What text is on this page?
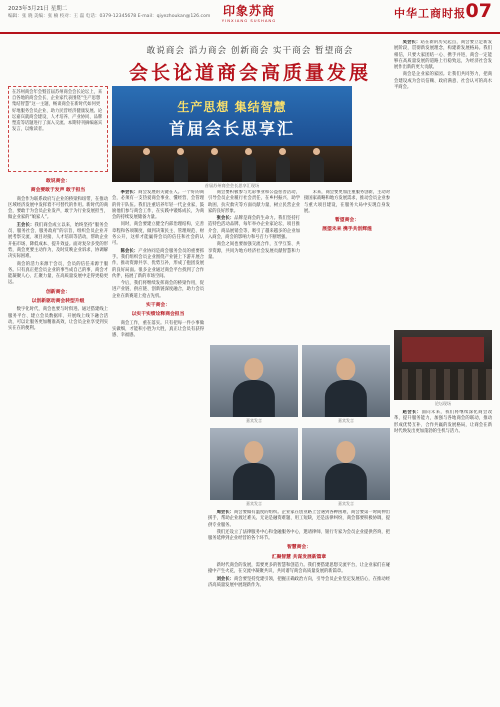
2023年3月21日 星期二
编辑：张 晓 美编：张 楠 校对：王 磊 电话：0379-12345678 E-mail：qiyezhoukan@126.com	印象苏商
YINXIANG SUSHANG
中华工商时报 07
敢说商会 滔力商会 创新商会 实干商会 暂望商会
会长论道商会高质量发展
在苏州商会年会暨首届苏州商会会长论坛上，来自各地的商会会长、企业家代表围绕“生产思想 集结智慧”这一主题，畅谈商会在新时代如何更好地服务会员企业、助力民营经济健康发展。论坛嘉宾就商会建设、人才培养、产业协同、品牌塑造等话题进行了深入交流。本期特刊摘编嘉宾发言，以飨读者。
生产思想 集结智慧
首届会长思享汇
首届苏州商会会长思享汇现场

敢说商会：

商会要敢于发声 敢于担当

商会作为联系政府与企业的桥梁和纽带，在推动区域经济发展中发挥着不可替代的作用。新时代的商会，要敢于为会员企业发声，敢于为行业发展担当，做企业家的“娘家人”。

王会长：我们商会成立以来，始终坚持“服务会员、服务社会、服务政府”的宗旨，组织会员企业开展考察交流、项目对接、人才培训等活动，帮助企业开拓市场、降低成本、提升效益。面对复杂多变的形势，商会更要主动作为，及时反映企业诉求，协调解决实际困难。

商会的活力来源于会员，会员的信任来源于服务。只有真正把会员企业的事当成自己的事，商会才能凝聚人心、汇聚力量，在高质量发展中走得更稳更远。

创新商会：

以创新驱动商会转型升级

数字化时代，商会也要与时俱进。通过搭建线上服务平台、建立会员数据库、开展线上线下融合活动，可以让服务更加精准高效，让会员企业享受到实实在在的便利。

李会长：商会发展的关键在人。一个好的商会，必须有一支热爱商会事业、懂经营、会管理的骨干队伍。我们注重培养年轻一代企业家，鼓励他们参与商会工作，在实践中锻炼成长，为商会的持续发展储备力量。

同时，商会要建立健全内部治理结构，完善章程和各项制度，做到决策民主、管理规范、财务公开，这样才能赢得会员的信任和社会的认可。

陈会长：产业协同是商会服务会员的重要抓手。我们组织会员企业围绕产业链上下游开展合作，推动资源共享、优势互补，形成了抱团发展的良好局面。很多企业通过商会平台找到了合作伙伴，拓展了新的市场空间。

今后，我们将继续发挥商会的桥梁作用，促进产业链、供应链、创新链深度融合，助力会员企业在新赛道上抢占先机。

实干商会：

以实干实绩诠释商会担当

商会工作，重在落实。只有把每一件小事做实做细，才能积小胜为大胜，真正让会员有获得感、幸福感。

商会要积极参与光彩事业和公益慈善活动，引导会员企业履行社会责任，在乡村振兴、助学助困、抗灾救灾等方面贡献力量，树立民营企业家的良好形象。

张会长：品牌是商会的生命力。我们坚持打造特色活动品牌，每年举办企业家论坛、项目推介会、商品展销会等，吸引了越来越多的企业加入商会，商会的影响力和号召力不断增强。

商会之间也要加强交流合作，互学互鉴、共享资源，共同为地方经济社会发展贡献智慧和力量。

嘉宾发言	嘉宾发言
嘉宾发言	嘉宾发言

周会长：商会要做有温度的组织。企业家在创业路上会遇到各种困难，商会要第一时间伸出援手，帮助企业渡过难关。无论是融资难题、用工短缺，还是法律纠纷，商会都要积极协调，提供专业服务。

我们还设立了法律服务中心和金融服务中心，邀请律师、银行专家为会员企业提供咨询，把服务延伸到企业经营的各个环节。

智慧商会：

汇聚智慧 共谋发展新篇章

新时代商会的发展，需要更多的智慧和创造力。我们要搭建思想交流平台，让企业家们在碰撞中产生火花，在交流中凝聚共识，共同谱写商会高质量发展的新篇章。

刘会长：商会要坚持党建引领，把握正确政治方向，引导会员企业坚定发展信心，在推动经济高质量发展中展现新作为。

未来，商会要更加注重服务创新，主动对接国家战略和地方发展需求，推动会员企业参与重大项目建设，在服务大局中实现自身发展。

暂望商会：

展望未来 携手共创辉煌

吴会长：站在新的历史起点，商会要立足新发展阶段，贯彻新发展理念，构建新发展格局。我们相信，只要大家团结一心、携手并进，商会一定能够在高质量发展的道路上行稳致远，为经济社会发展作出新的更大贡献。

商会是企业家的家园。让我们共同努力，把商会建设成为会员信赖、政府满意、社会认可的高水平商会。

论坛现场

赵会长：面向未来，我们将继续深化商会改革，提升服务能力，加强与各地商会的联动，推动形成优势互补、合作共赢的发展格局，让商会在新时代焕发出更加蓬勃的生机与活力。
